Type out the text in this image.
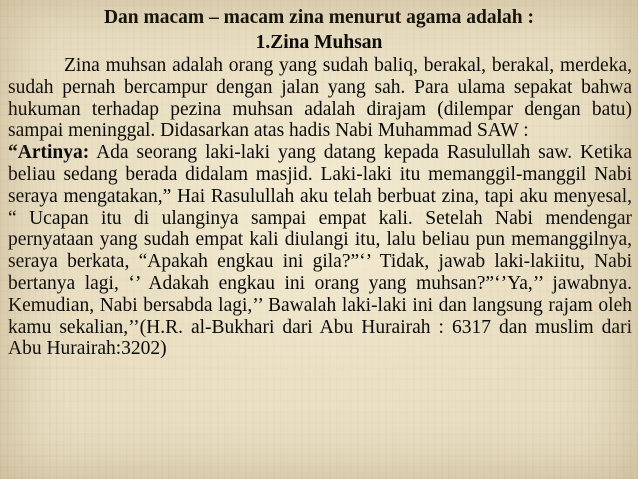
Dan macam – macam zina menurut agama adalah :
1.Zina Muhsan

Zina muhsan adalah orang yang sudah baliq, berakal, berakal, merdeka, sudah pernah bercampur dengan jalan yang sah. Para ulama sepakat bahwa hukuman terhadap pezina muhsan adalah dirajam (dilempar dengan batu) sampai meninggal. Didasarkan atas hadis Nabi Muhammad SAW :

“Artinya: Ada seorang laki-laki yang datang kepada Rasulullah saw. Ketika beliau sedang berada didalam masjid. Laki-laki itu memanggil-manggil Nabi seraya mengatakan,” Hai Rasulullah aku telah berbuat zina, tapi aku menyesal, “ Ucapan itu di ulanginya sampai empat kali. Setelah Nabi mendengar pernyataan yang sudah empat kali diulangi itu, lalu beliau pun memanggilnya, seraya berkata, “Apakah engkau ini gila?”‘’ Tidak, jawab laki-lakiitu, Nabi bertanya lagi, ‘’ Adakah engkau ini orang yang muhsan?”‘’Ya,’’ jawabnya. Kemudian, Nabi bersabda lagi,’’ Bawalah laki-laki ini dan langsung rajam oleh kamu sekalian,’’(H.R. al-Bukhari dari Abu Hurairah : 6317 dan muslim dari Abu Hurairah:3202)
